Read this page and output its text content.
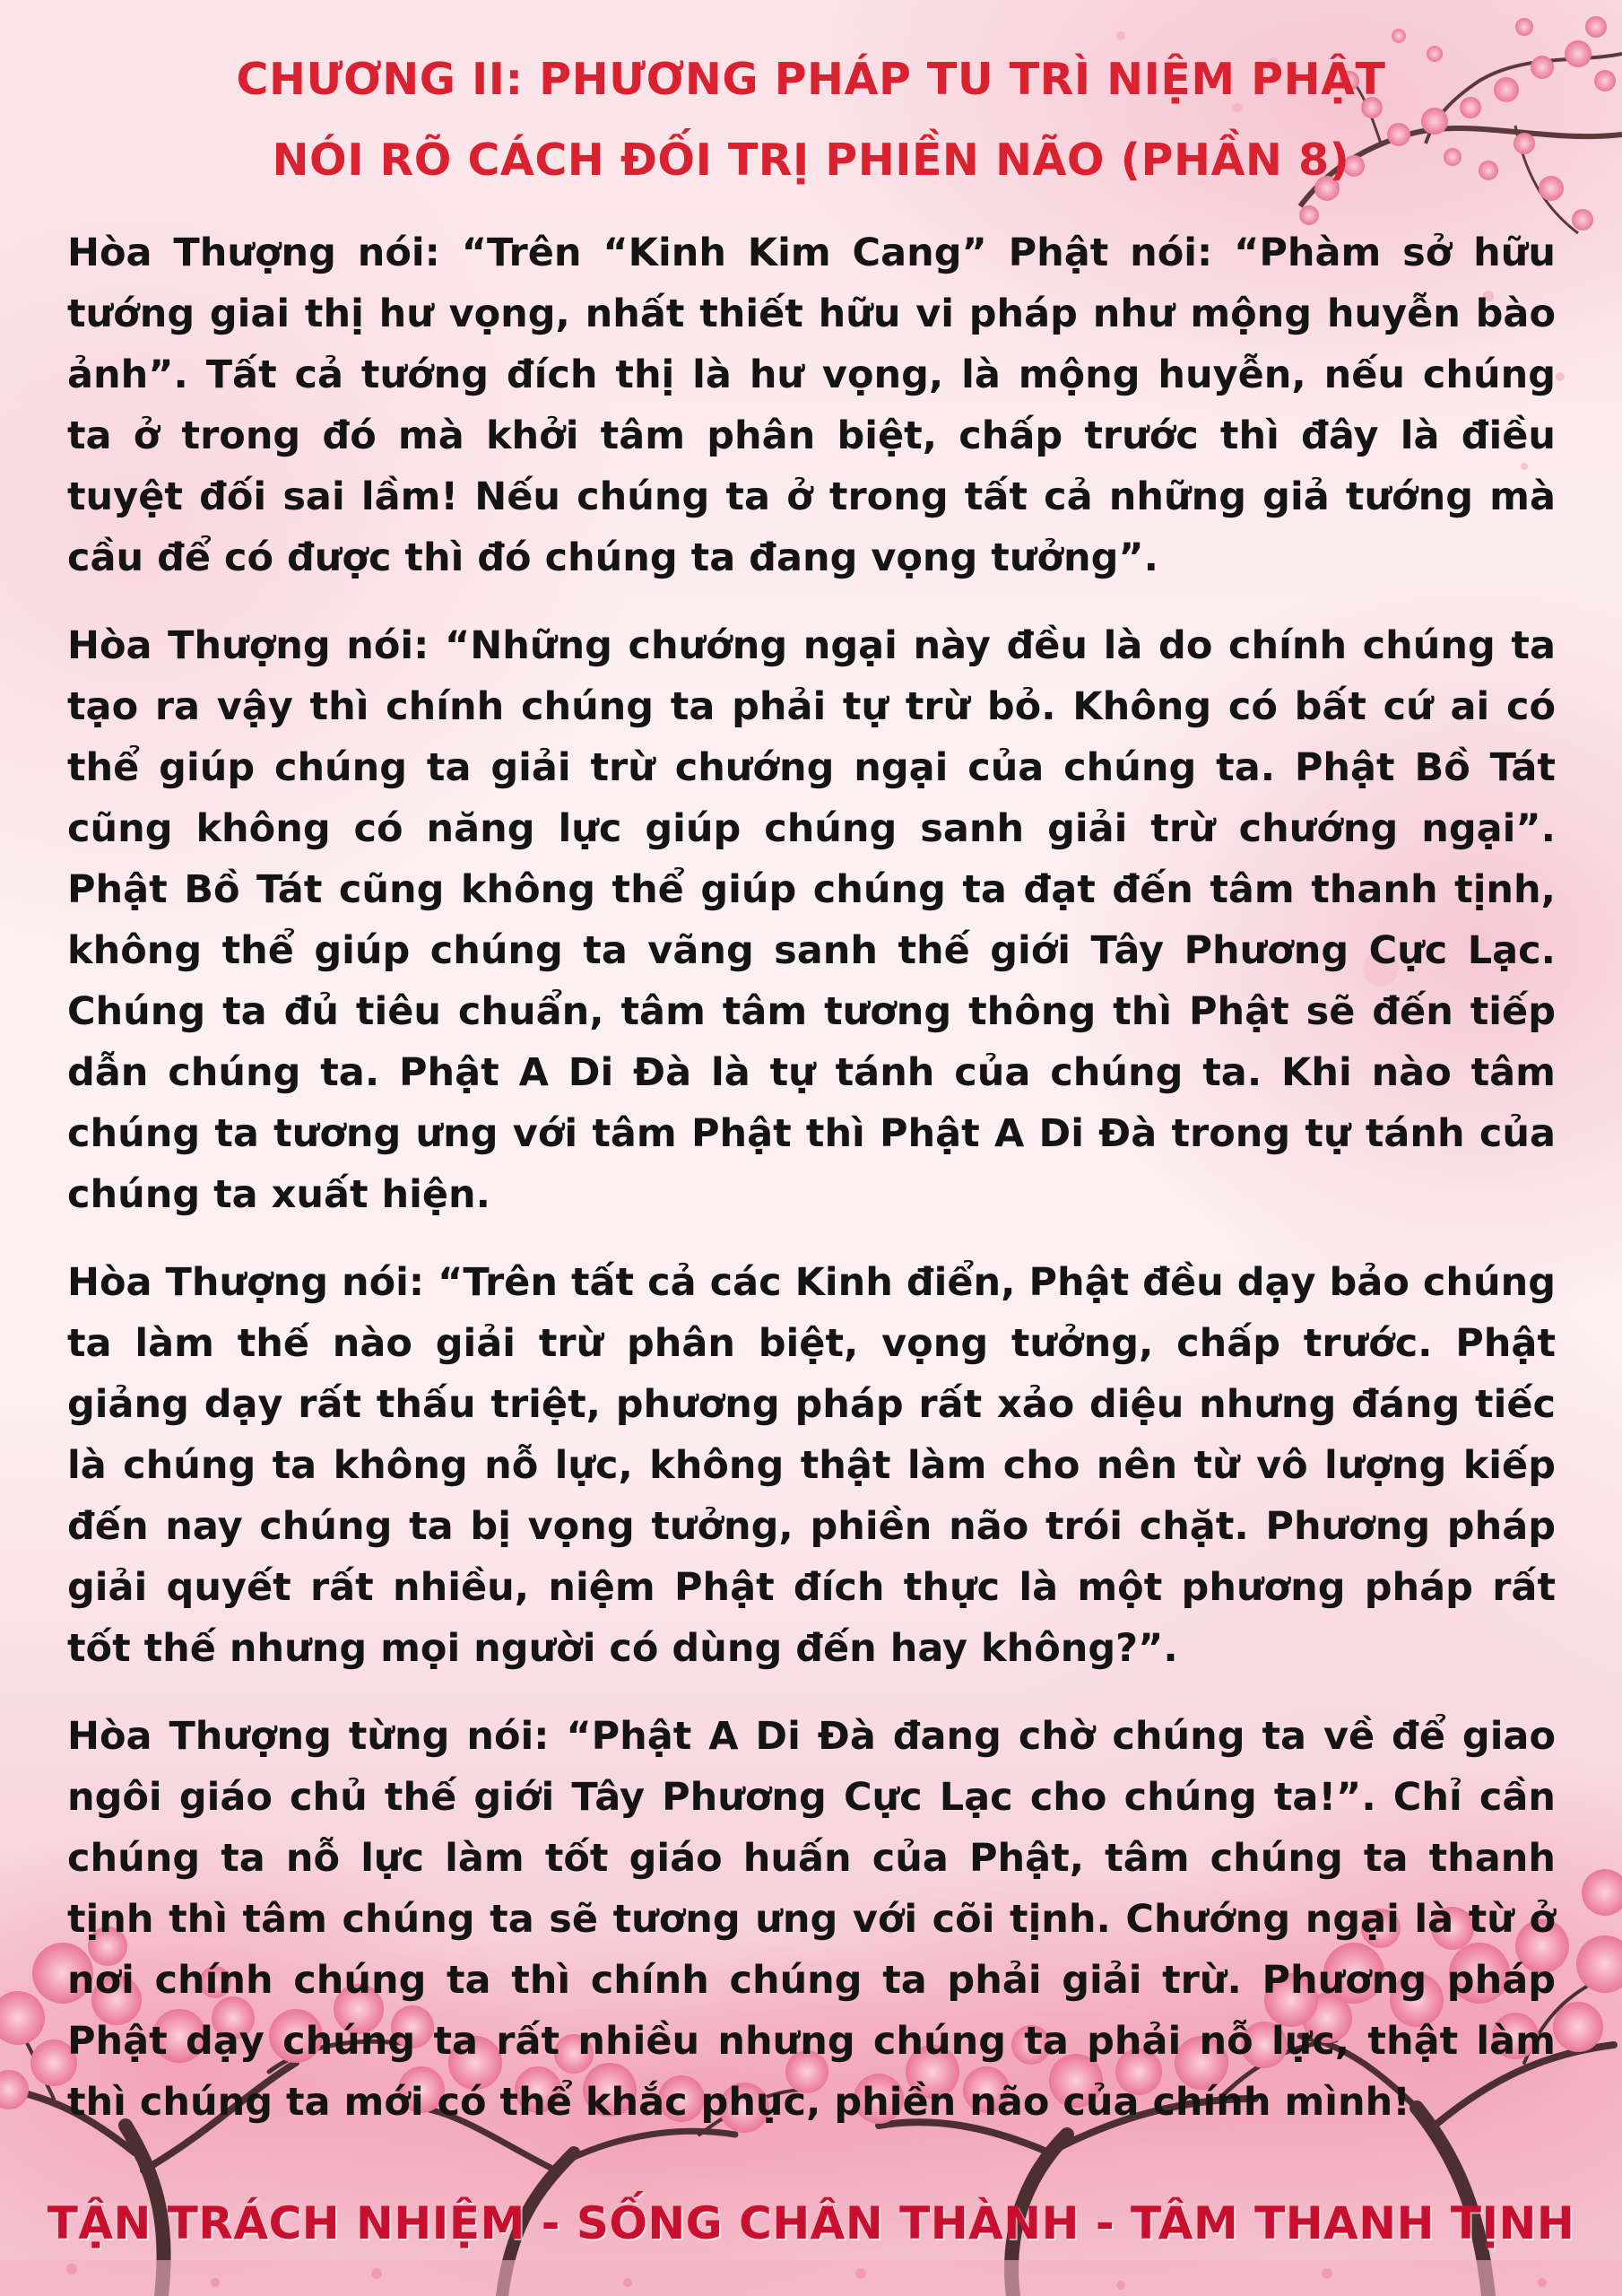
CHƯƠNG II: PHƯƠNG PHÁP TU TRÌ NIỆM PHẬT
NÓI RÕ CÁCH ĐỐI TRỊ PHIỀN NÃO (PHẦN 8)

Hòa Thượng nói: “Trên “Kinh Kim Cang” Phật nói: “Phàm sở hữu tướng giai thị hư vọng, nhất thiết hữu vi pháp như mộng huyễn bào ảnh”. Tất cả tướng đích thị là hư vọng, là mộng huyễn, nếu chúng ta ở trong đó mà khởi tâm phân biệt, chấp trước thì đây là điều tuyệt đối sai lầm! Nếu chúng ta ở trong tất cả những giả tướng mà cầu để có được thì đó chúng ta đang vọng tưởng”.

Hòa Thượng nói: “Những chướng ngại này đều là do chính chúng ta tạo ra vậy thì chính chúng ta phải tự trừ bỏ. Không có bất cứ ai có thể giúp chúng ta giải trừ chướng ngại của chúng ta. Phật Bồ Tát cũng không có năng lực giúp chúng sanh giải trừ chướng ngại”. Phật Bồ Tát cũng không thể giúp chúng ta đạt đến tâm thanh tịnh, không thể giúp chúng ta vãng sanh thế giới Tây Phương Cực Lạc. Chúng ta đủ tiêu chuẩn, tâm tâm tương thông thì Phật sẽ đến tiếp dẫn chúng ta. Phật A Di Đà là tự tánh của chúng ta. Khi nào tâm chúng ta tương ưng với tâm Phật thì Phật A Di Đà trong tự tánh của chúng ta xuất hiện.

Hòa Thượng nói: “Trên tất cả các Kinh điển, Phật đều dạy bảo chúng ta làm thế nào giải trừ phân biệt, vọng tưởng, chấp trước. Phật giảng dạy rất thấu triệt, phương pháp rất xảo diệu nhưng đáng tiếc là chúng ta không nỗ lực, không thật làm cho nên từ vô lượng kiếp đến nay chúng ta bị vọng tưởng, phiền não trói chặt. Phương pháp giải quyết rất nhiều, niệm Phật đích thực là một phương pháp rất tốt thế nhưng mọi người có dùng đến hay không?”.

Hòa Thượng từng nói: “Phật A Di Đà đang chờ chúng ta về để giao ngôi giáo chủ thế giới Tây Phương Cực Lạc cho chúng ta!”. Chỉ cần chúng ta nỗ lực làm tốt giáo huấn của Phật, tâm chúng ta thanh tịnh thì tâm chúng ta sẽ tương ưng với cõi tịnh. Chướng ngại là từ ở nơi chính chúng ta thì chính chúng ta phải giải trừ. Phương pháp Phật dạy chúng ta rất nhiều nhưng chúng ta phải nỗ lực, thật làm thì chúng ta mới có thể khắc phục, phiền não của chính mình!

TẬN TRÁCH NHIỆM - SỐNG CHÂN THÀNH - TÂM THANH TỊNH
